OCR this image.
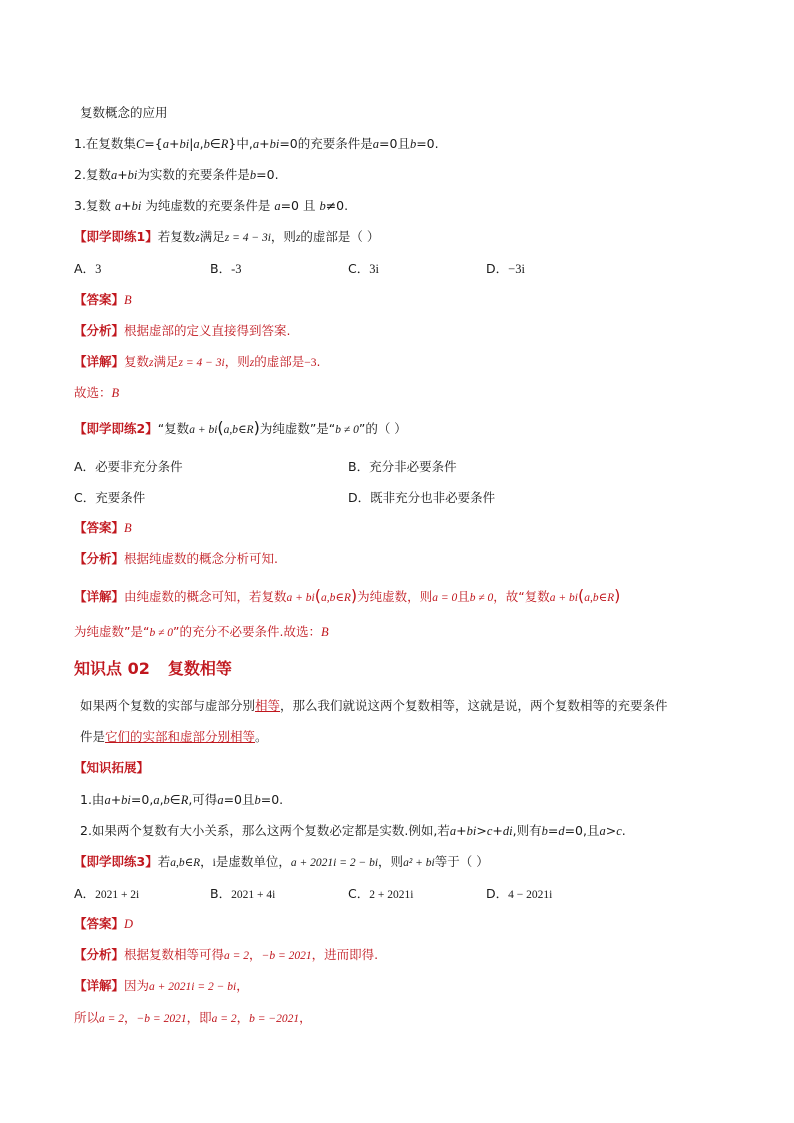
复数概念的应用
1.在复数集C={a+bi|a,b∈R}中,a+bi=0的充要条件是a=0且b=0.
2.复数a+bi为实数的充要条件是b=0.
3.复数 a+bi 为纯虚数的充要条件是 a=0 且 b≠0.
【即学即练1】若复数z满足z = 4 − 3i，则z的虚部是（ ）
A．3	B．-3	C．3i	D．−3i
【答案】B
【分析】根据虚部的定义直接得到答案.
【详解】复数z满足z = 4 − 3i，则z的虚部是−3.
故选：B
【即学即练2】“复数a + bi(a,b∈R)为纯虚数”是“b ≠ 0”的（ ）
A．必要非充分条件	B．充分非必要条件
C．充要条件	D．既非充分也非必要条件
【答案】B
【分析】根据纯虚数的概念分析可知.
【详解】由纯虚数的概念可知，若复数a + bi(a,b∈R)为纯虚数，则a = 0且b ≠ 0，故“复数a + bi(a,b∈R)
为纯虚数”是“b ≠ 0”的充分不必要条件.故选：B
知识点 02 复数相等
如果两个复数的实部与虚部分别相等，那么我们就说这两个复数相等，这就是说，两个复数相等的充要条件
件是它们的实部和虚部分别相等。
【知识拓展】
1.由a+bi=0,a,b∈R,可得a=0且b=0.
2.如果两个复数有大小关系，那么这两个复数必定都是实数.例如,若a+bi>c+di,则有b=d=0,且a>c.
【即学即练3】若a,b∈R，i是虚数单位，a + 2021i = 2 − bi，则a² + bi等于（ ）
A．2021 + 2i	B．2021 + 4i	C．2 + 2021i	D．4 − 2021i
【答案】D
【分析】根据复数相等可得a = 2，−b = 2021，进而即得.
【详解】因为a + 2021i = 2 − bi，
所以a = 2，−b = 2021，即a = 2，b = −2021，
